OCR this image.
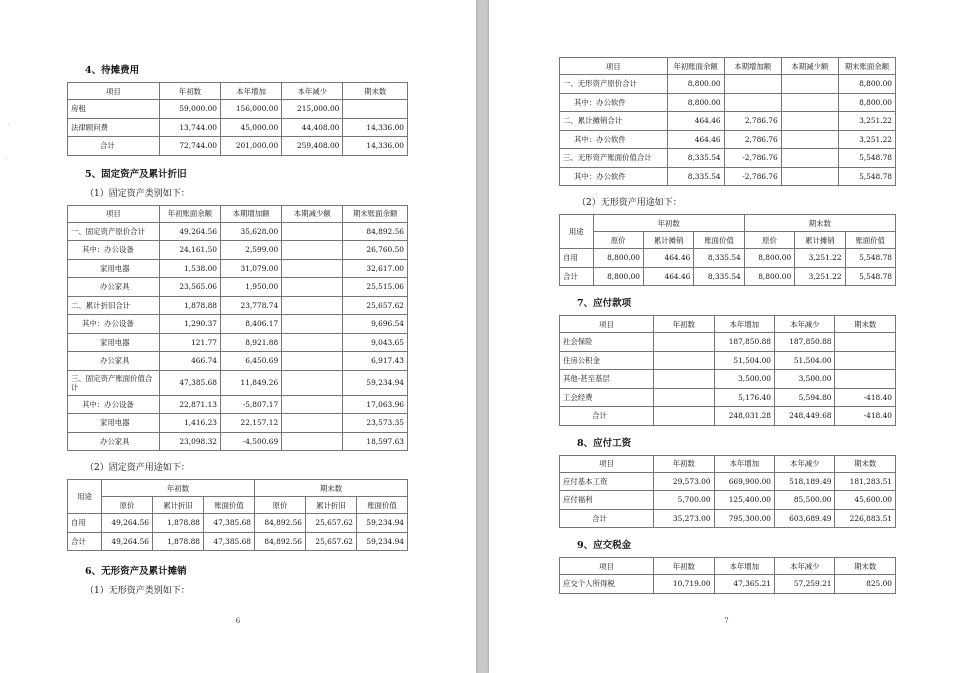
·
·
4、待摊费用
项目	年初数	本年增加	本年减少	期末数
房租	59,000.00	156,000.00	215,000.00	
法律顾问费	13,744.00	45,000.00	44,408.00	14,336.00
合计	72,744.00	201,000.00	259,408.00	14,336.00
5、固定资产及累计折旧
（1）固定资产类别如下：
项目	年初账面余额	本期增加额	本期减少额	期末账面余额
一、固定资产原价合计	49,264.56	35,628.00		84,892.56
其中：办公设备	24,161.50	2,599.00		26,760.50
家用电器	1,538.00	31,079.00		32,617.00
办公家具	23,565.06	1,950.00		25,515.06
二、累计折旧合计	1,878.88	23,778.74		25,657.62
其中：办公设备	1,290.37	8,406.17		9,696.54
家用电器	121.77	8,921.88		9,043.65
办公家具	466.74	6,450.69		6,917.43
三、固定资产账面价值合计	47,385.68	11,849.26		59,234.94
其中：办公设备	22,871.13	-5,807.17		17,063.96
家用电器	1,416.23	22,157.12		23,573.35
办公家具	23,098.32	-4,500.69		18,597.63
（2）固定资产用途如下：
用途	年初数			期末数		
	原价	累计折旧	账面价值	原价	累计折旧	账面价值
自用	49,264.56	1,878.88	47,385.68	84,892.56	25,657.62	59,234.94
合计	49,264.56	1,878.88	47,385.68	84,892.56	25,657.62	59,234.94
6、无形资产及累计摊销
（1）无形资产类别如下：
6
项目	年初账面余额	本期增加额	本期减少额	期末账面余额
一、无形资产原价合计	8,800.00			8,800.00
其中：办公软件	8,800.00			8,800.00
二、累计摊销合计	464.46	2,786.76		3,251.22
其中：办公软件	464.46	2,786.76		3,251.22
三、无形资产账面价值合计	8,335.54	-2,786.76		5,548.78
其中：办公软件	8,335.54	-2,786.76		5,548.78
（2）无形资产用途如下：
用途	年初数			期末数		
	原价	累计摊销	账面价值	原价	累计摊销	账面价值
自用	8,800.00	464.46	8,335.54	8,800.00	3,251.22	5,548.78
合计	8,800.00	464.46	8,335.54	8,800.00	3,251.22	5,548.78
7、应付款项
项目	年初数	本年增加	本年减少	期末数
社会保险		187,850.88	187,850.88	
住房公积金		51,504.00	51,504.00	
其他-甚至基层		3,500.00	3,500.00	
工会经费		5,176.40	5,594.80	-418.40
合计		248,031.28	248,449.68	-418.40
8、应付工资
项目	年初数	本年增加	本年减少	期末数
应付基本工资	29,573.00	669,900.00	518,189.49	181,283.51
应付福利	5,700.00	125,400.00	85,500.00	45,600.00
合计	35,273.00	795,300.00	603,689.49	226,883.51
9、应交税金
项目	年初数	本年增加	本年减少	期末数
应交个人所得税	10,719.00	47,365.21	57,259.21	825.00
7
